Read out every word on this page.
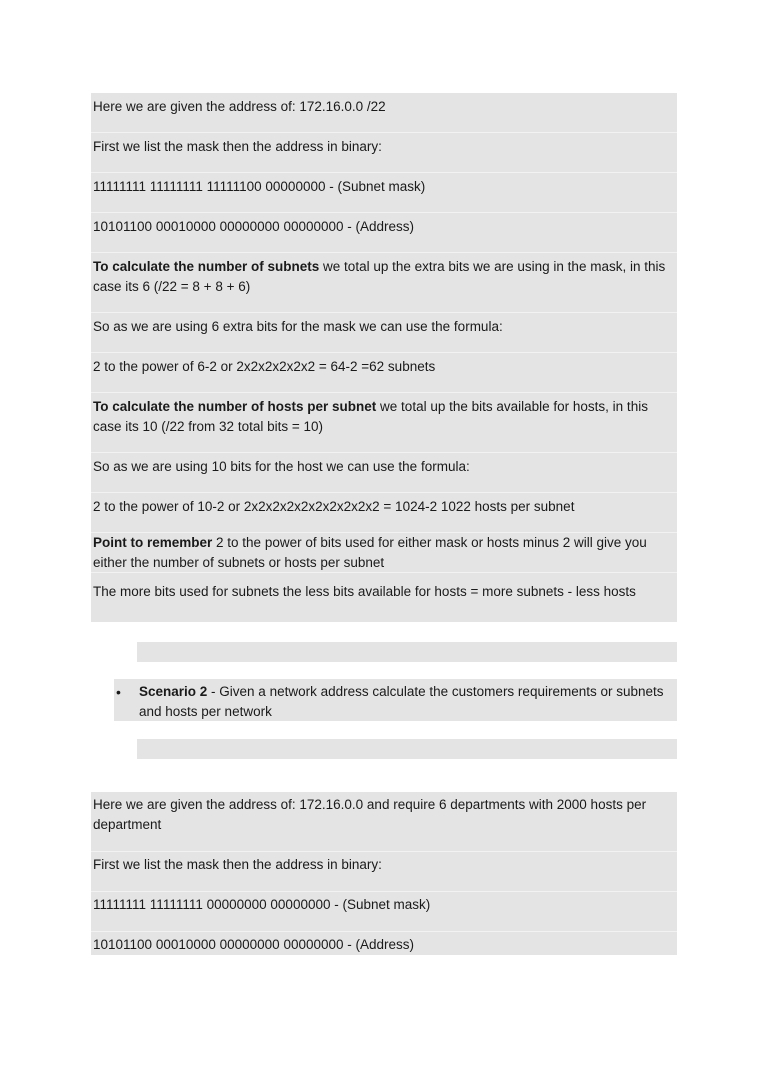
Here we are given the address of: 172.16.0.0 /22
First we list the mask then the address in binary:
11111111 11111111 11111100 00000000 - (Subnet mask)
10101100 00010000 00000000 00000000 - (Address)
To calculate the number of subnets we total up the extra bits we are using in the mask, in this
case its 6 (/22 = 8 + 8 + 6)
So as we are using 6 extra bits for the mask we can use the formula:
2 to the power of 6-2 or 2x2x2x2x2x2 = 64-2 =62 subnets
To calculate the number of hosts per subnet we total up the bits available for hosts, in this
case its 10 (/22 from 32 total bits = 10)
So as we are using 10 bits for the host we can use the formula:
2 to the power of 10-2 or 2x2x2x2x2x2x2x2x2x2 = 1024-2 1022 hosts per subnet
Point to remember 2 to the power of bits used for either mask or hosts minus 2 will give you
either the number of subnets or hosts per subnet
The more bits used for subnets the less bits available for hosts = more subnets - less hosts
• Scenario 2 - Given a network address calculate the customers requirements or subnets
and hosts per network
Here we are given the address of: 172.16.0.0 and require 6 departments with 2000 hosts per
department
First we list the mask then the address in binary:
11111111 11111111 00000000 00000000 - (Subnet mask)
10101100 00010000 00000000 00000000 - (Address)
